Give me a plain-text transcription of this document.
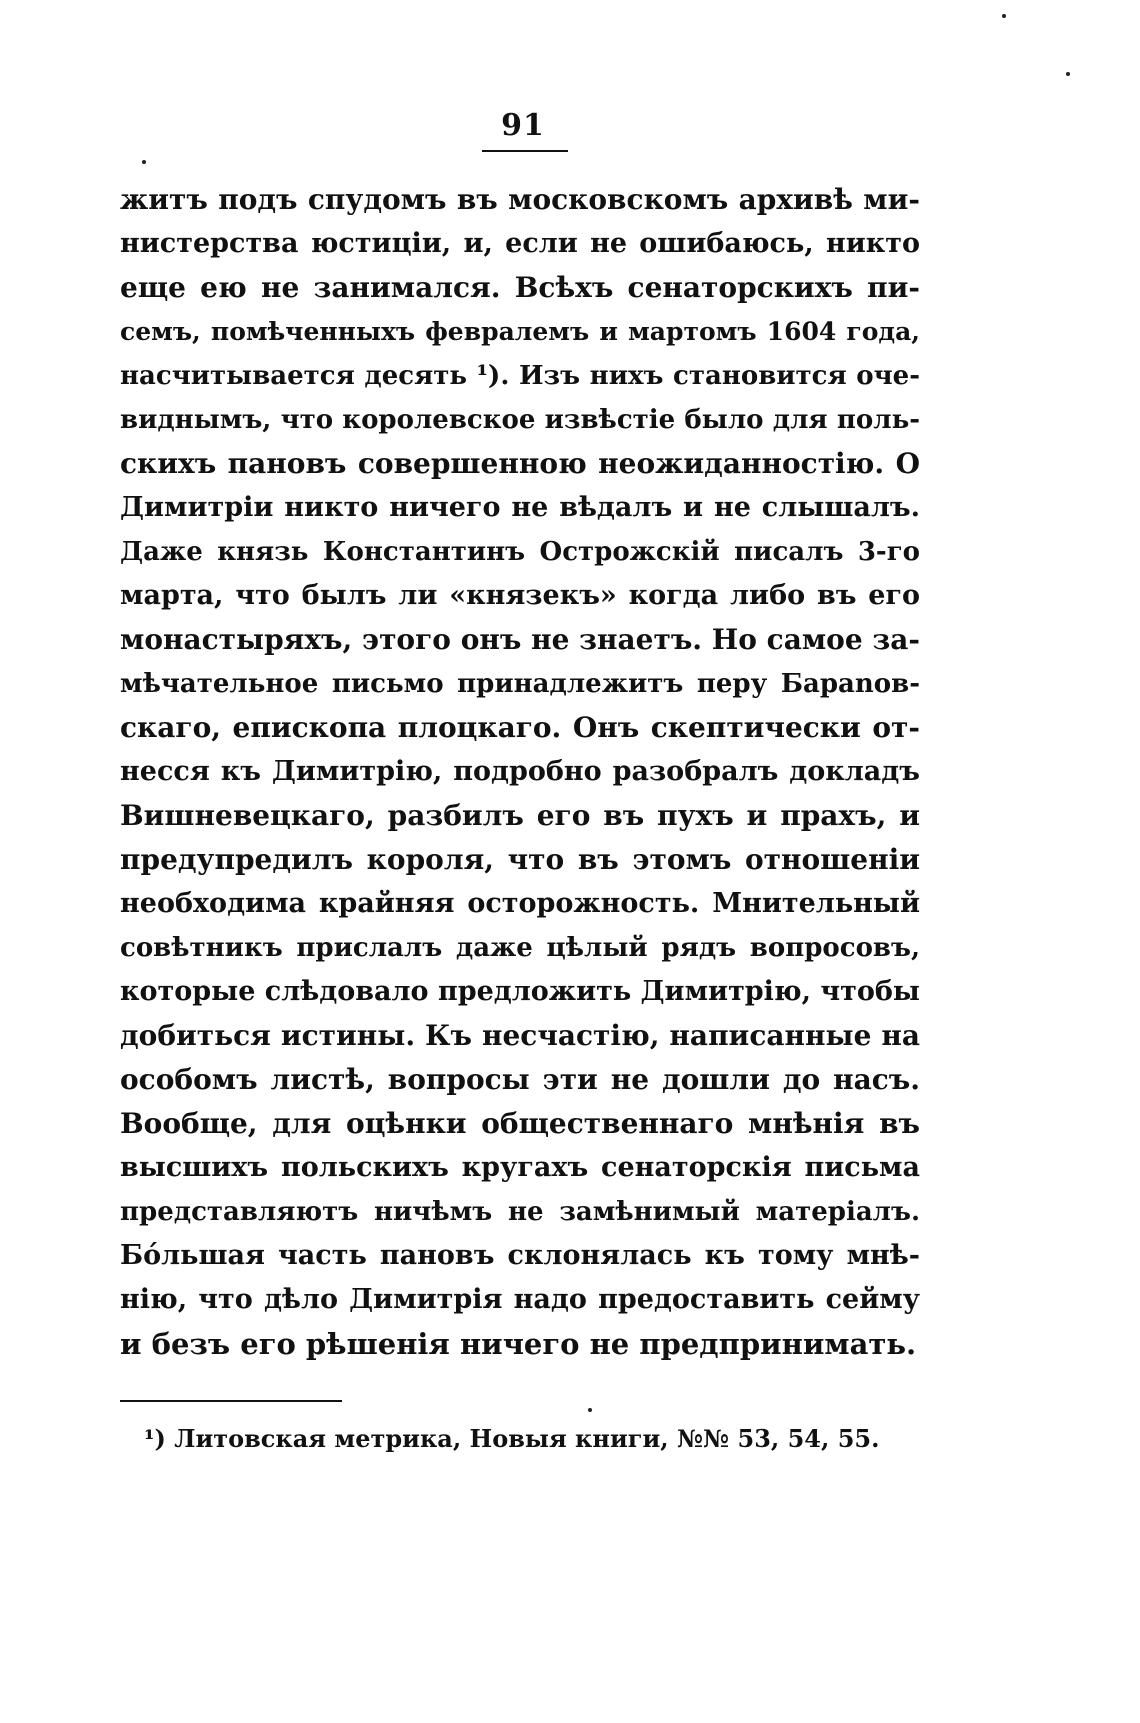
91
житъ подъ спудомъ въ московскомъ архивѣ ми-
нистерства юстиціи, и, если не ошибаюсь, никто
еще ею не занимался. Всѣхъ сенаторскихъ пи-
семъ, помѣченныхъ февралемъ и мартомъ 1604 года,
насчитывается десять ¹). Изъ нихъ становится оче-
виднымъ, что королевское извѣстіе было для поль-
скихъ пановъ совершенною неожиданностію. О
Димитріи никто ничего не вѣдалъ и не слышалъ.
Даже князь Константинъ Острожскій писалъ 3-го
марта, что былъ ли «князекъ» когда либо въ его
монастыряхъ, этого онъ не знаетъ. Но самое за-
мѣчательное письмо принадлежитъ перу Барanов-
скаго, епископа плоцкаго. Онъ скептически от-
несся къ Димитрію, подробно разобралъ докладъ
Вишневецкаго, разбилъ его въ пухъ и прахъ, и
предупредилъ короля, что въ этомъ отношеніи
необходима крайняя осторожность. Мнительный
совѣтникъ прислалъ даже цѣлый рядъ вопросовъ,
которые слѣдовало предложить Димитрію, чтобы
добиться истины. Къ несчастію, написанные на
особомъ листѣ, вопросы эти не дошли до насъ.
Вообще, для оцѣнки общественнаго мнѣнія въ
высшихъ польскихъ кругахъ сенаторскія письма
представляютъ ничѣмъ не замѣнимый матеріалъ.
Бо́льшая часть пановъ склонялась къ тому мнѣ-
нію, что дѣло Димитрія надо предоставить сейму
и безъ его рѣшенія ничего не предпринимать.
¹) Литовская метрика, Новыя книги, №№ 53, 54, 55.
